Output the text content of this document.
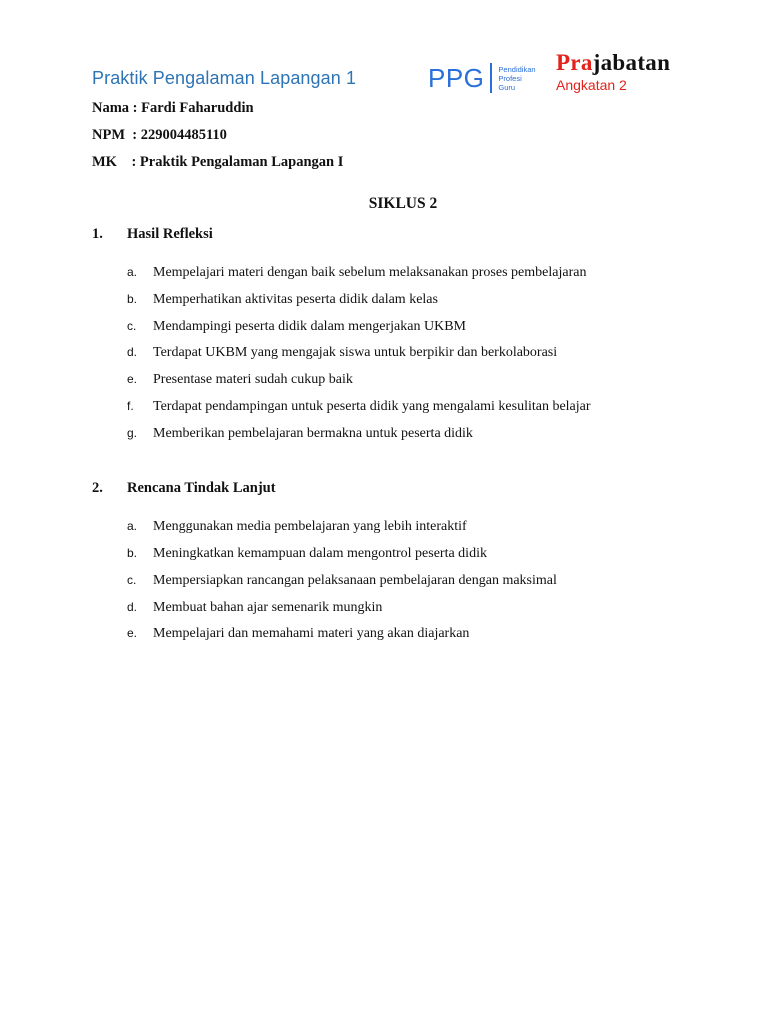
Praktik Pengalaman Lapangan 1	PPG Pendidikan
Profesi
Guru
Prajabatan
Angkatan 2
Nama : Fardi Faharuddin
NPM  : 229004485110
MK    : Praktik Pengalaman Lapangan I
SIKLUS 2
1. Hasil Refleksi
a. Mempelajari materi dengan baik sebelum melaksanakan proses pembelajaran
b. Memperhatikan aktivitas peserta didik dalam kelas
c. Mendampingi peserta didik dalam mengerjakan UKBM
d. Terdapat UKBM yang mengajak siswa untuk berpikir dan berkolaborasi
e. Presentase materi sudah cukup baik
f. Terdapat pendampingan untuk peserta didik yang mengalami kesulitan belajar
g. Memberikan pembelajaran bermakna untuk peserta didik
2. Rencana Tindak Lanjut
a. Menggunakan media pembelajaran yang lebih interaktif
b. Meningkatkan kemampuan dalam mengontrol peserta didik
c. Mempersiapkan rancangan pelaksanaan pembelajaran dengan maksimal
d. Membuat bahan ajar semenarik mungkin
e. Mempelajari dan memahami materi yang akan diajarkan
